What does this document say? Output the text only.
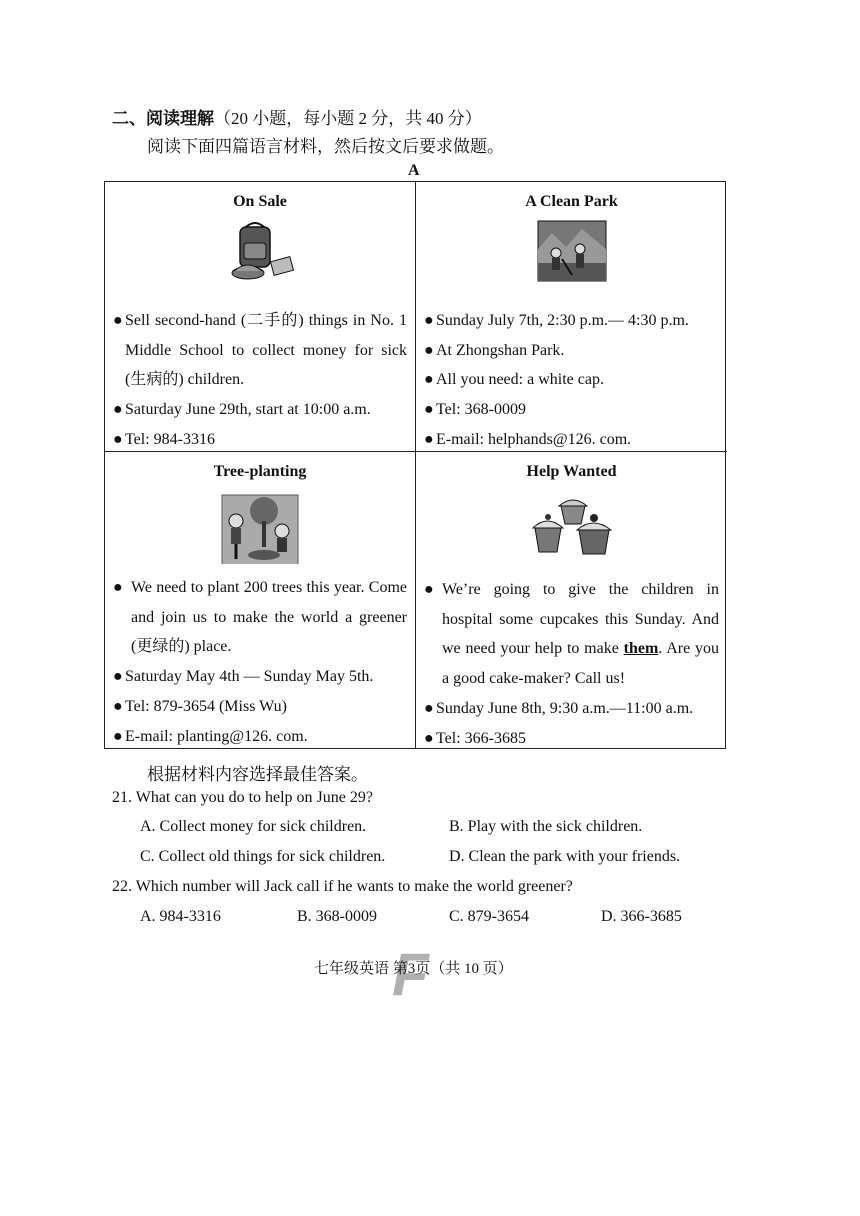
二、阅读理解（20 小题，每小题 2 分，共 40 分）
阅读下面四篇语言材料，然后按文后要求做题。
A
On Sale
● Sell second-hand (二手的) things in No. 1 Middle School to collect money for sick (生病的) children.
● Saturday June 29th, start at 10:00 a.m.
● Tel: 984-3316
A Clean Park
● Sunday July 7th, 2:30 p.m.— 4:30 p.m.
● At Zhongshan Park.
● All you need: a white cap.
● Tel: 368-0009
● E-mail: helphands@126. com.
Tree-planting
● We need to plant 200 trees this year. Come and join us to make the world a greener (更绿的) place.
● Saturday May 4th — Sunday May 5th.
● Tel: 879-3654 (Miss Wu)
● E-mail: planting@126. com.
Help Wanted
● We’re going to give the children in hospital some cupcakes this Sunday. And we need your help to make them. Are you a good cake-maker? Call us!
● Sunday June 8th, 9:30 a.m.—11:00 a.m.
● Tel: 366-3685
根据材料内容选择最佳答案。
21. What can you do to help on June 29?
A. Collect money for sick children.	B. Play with the sick children.
C. Collect old things for sick children.	D. Clean the park with your friends.
22. Which number will Jack call if he wants to make the world greener?
A. 984-3316	B. 368-0009	C. 879-3654	D. 366-3685
F
七年级英语 第3页（共 10 页）
